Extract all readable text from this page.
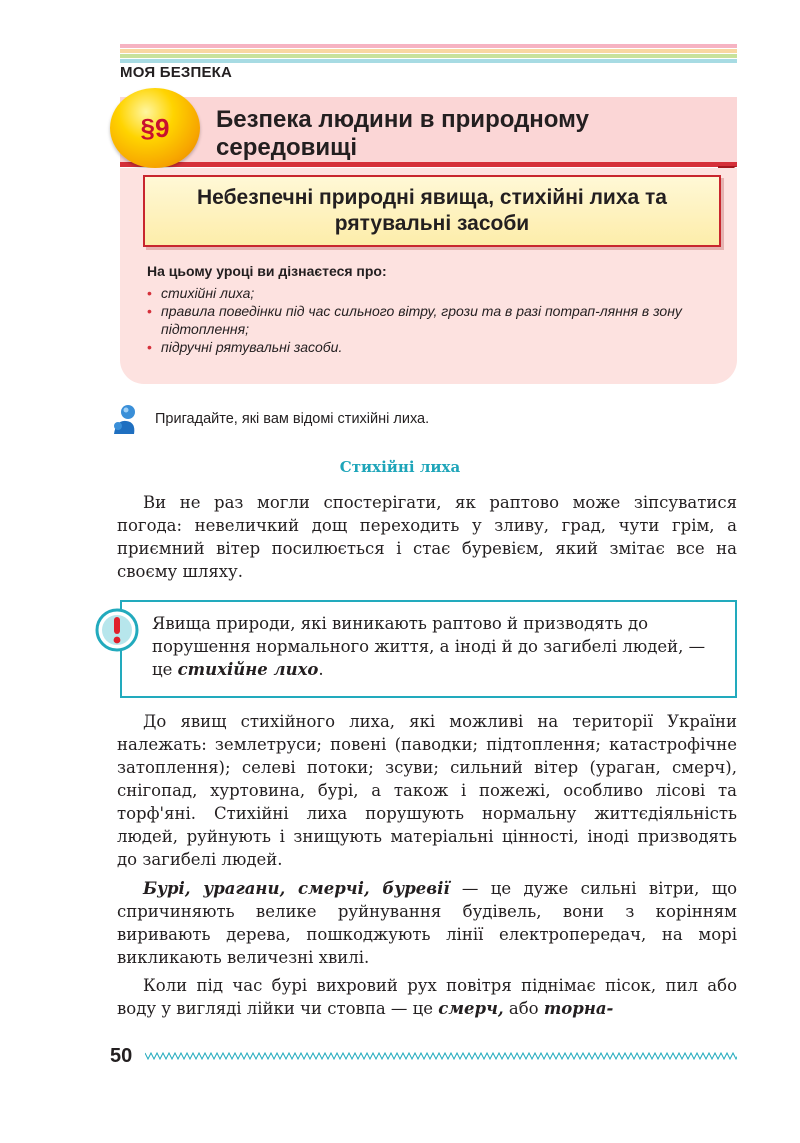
МОЯ БЕЗПЕКА
§9	Безпека людини в природному середовищі
Небезпечні природні явища, стихійні лиха та рятувальні засоби
На цьому уроці ви дізнаєтеся про:
• стихійні лиха;
• правила поведінки під час сильного вітру, грози та в разі потрап-ляння в зону підтоплення;
• підручні рятувальні засоби.
Пригадайте, які вам відомі стихійні лиха.
Стихійні лиха

Ви не раз могли спостерігати, як раптово може зіпсуватися погода: невеличкий дощ переходить у зливу, град, чути грім, а приємний вітер посилюється і стає буревієм, який змітає все на своєму шляху.

Явища природи, які виникають раптово й призводять до порушення нормального життя, а іноді й до загибелі людей, — це стихійне лихо.

До явищ стихійного лиха, які можливі на території України належать: землетруси; повені (паводки; підтоплення; катастрофічне затоплення); селеві потоки; зсуви; сильний вітер (ураган, смерч), снігопад, хуртовина, бурі, а також і пожежі, особливо лісові та торф'яні. Стихійні лиха порушують нормальну життєдіяльність людей, руйнують і знищують матеріальні цінності, іноді призводять до загибелі людей.

Бурі, урагани, смерчі, буревії — це дуже сильні вітри, що спричиняють велике руйнування будівель, вони з корінням виривають дерева, пошкоджують лінії електропередач, на морі викликають величезні хвилі.

Коли під час бурі вихровий рух повітря піднімає пісок, пил або воду у вигляді лійки чи стовпа — це смерч, або торна-

50
